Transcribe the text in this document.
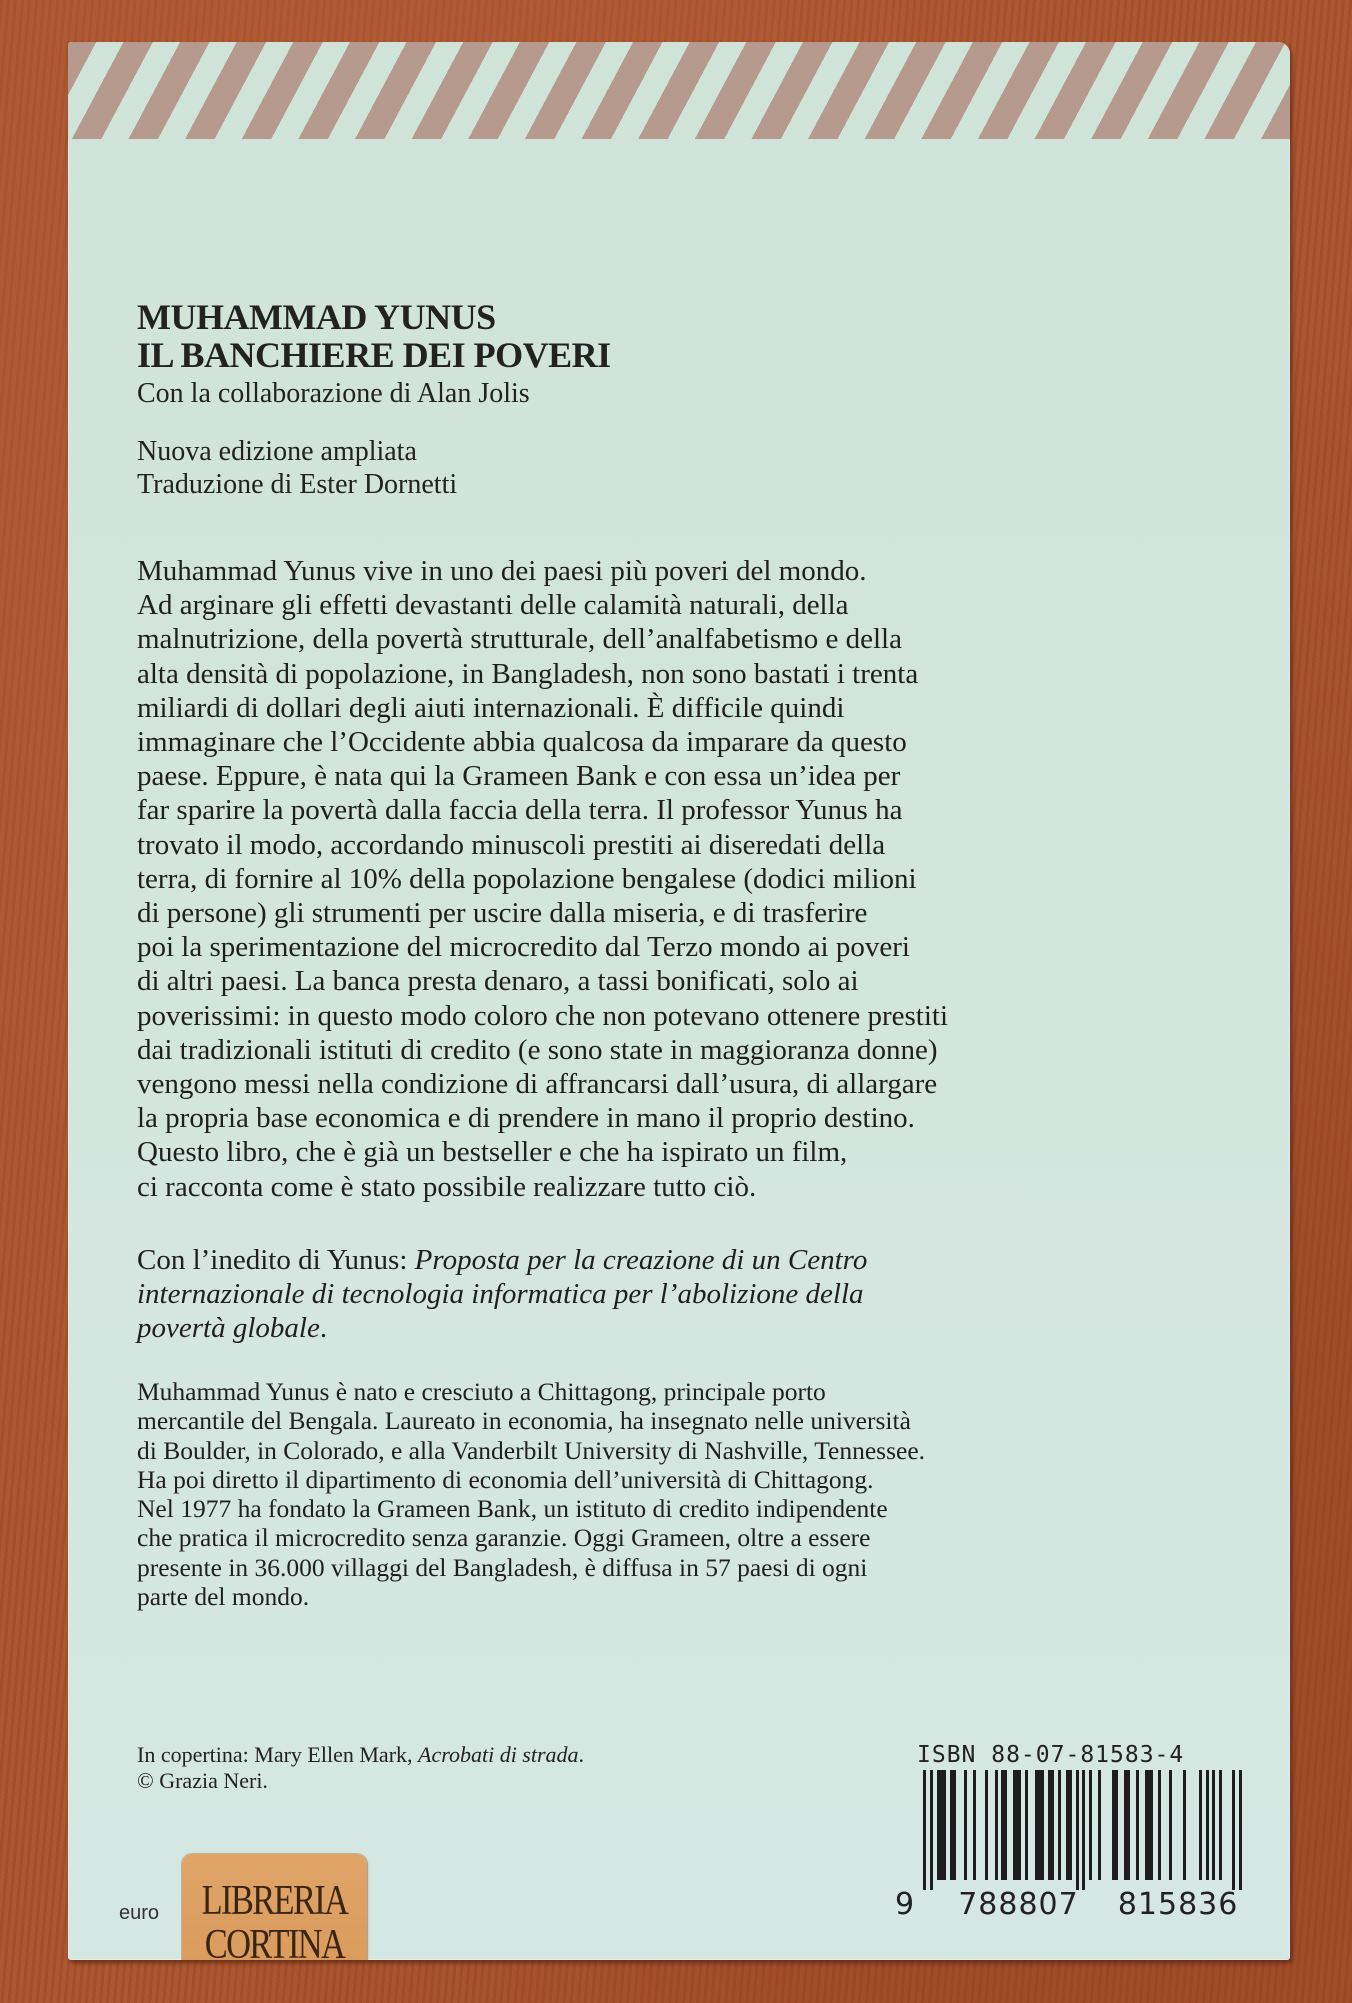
MUHAMMAD YUNUS
IL BANCHIERE DEI POVERI
Con la collaborazione di Alan Jolis
Nuova edizione ampliata
Traduzione di Ester Dornetti
Muhammad Yunus vive in uno dei paesi più poveri del mondo.
Ad arginare gli effetti devastanti delle calamità naturali, della
malnutrizione, della povertà strutturale, dell’analfabetismo e della
alta densità di popolazione, in Bangladesh, non sono bastati i trenta
miliardi di dollari degli aiuti internazionali. È difficile quindi
immaginare che l’Occidente abbia qualcosa da imparare da questo
paese. Eppure, è nata qui la Grameen Bank e con essa un’idea per
far sparire la povertà dalla faccia della terra. Il professor Yunus ha
trovato il modo, accordando minuscoli prestiti ai diseredati della
terra, di fornire al 10% della popolazione bengalese (dodici milioni
di persone) gli strumenti per uscire dalla miseria, e di trasferire
poi la sperimentazione del microcredito dal Terzo mondo ai poveri
di altri paesi. La banca presta denaro, a tassi bonificati, solo ai
poverissimi: in questo modo coloro che non potevano ottenere prestiti
dai tradizionali istituti di credito (e sono state in maggioranza donne)
vengono messi nella condizione di affrancarsi dall’usura, di allargare
la propria base economica e di prendere in mano il proprio destino.
Questo libro, che è già un bestseller e che ha ispirato un film,
ci racconta come è stato possibile realizzare tutto ciò.
Con l’inedito di Yunus: Proposta per la creazione di un Centro
internazionale di tecnologia informatica per l’abolizione della
povertà globale.
Muhammad Yunus è nato e cresciuto a Chittagong, principale porto
mercantile del Bengala. Laureato in economia, ha insegnato nelle università
di Boulder, in Colorado, e alla Vanderbilt University di Nashville, Tennessee.
Ha poi diretto il dipartimento di economia dell’università di Chittagong.
Nel 1977 ha fondato la Grameen Bank, un istituto di credito indipendente
che pratica il microcredito senza garanzie. Oggi Grameen, oltre a essere
presente in 36.000 villaggi del Bangladesh, è diffusa in 57 paesi di ogni
parte del mondo.
In copertina: Mary Ellen Mark, Acrobati di strada.
© Grazia Neri.
euro LIBRERIA
CORTINA
ISBN 88-07-81583-4
9 788807 815836
